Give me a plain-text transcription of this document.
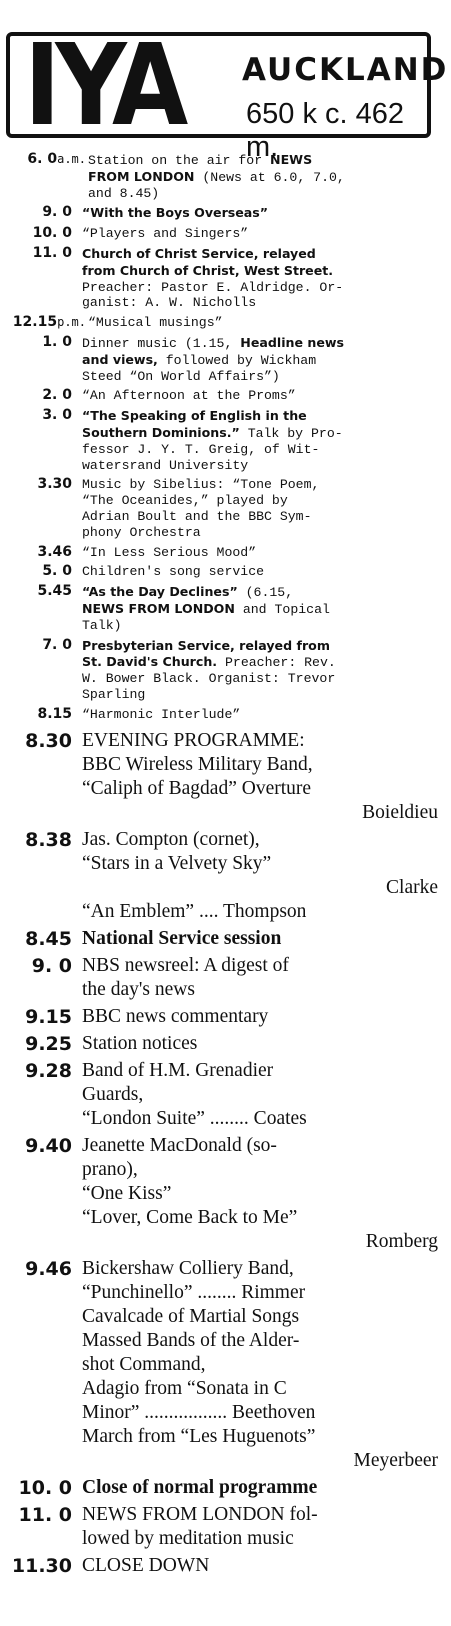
IYA AUCKLAND
650 k c. 462 m.
6. 0a.m. Station on the air for NEWS
FROM LONDON (News at 6.0, 7.0,
and 8.45)
9. 0 “With the Boys Overseas”
10. 0 “Players and Singers”
11. 0 Church of Christ Service, relayed
from Church of Christ, West Street.
Preacher: Pastor E. Aldridge. Or-
ganist: A. W. Nicholls
12.15p.m. “Musical musings”
1. 0 Dinner music (1.15, Headline news
and views, followed by Wickham
Steed “On World Affairs”)
2. 0 “An Afternoon at the Proms”
3. 0 “The Speaking of English in the
Southern Dominions.” Talk by Pro-
fessor J. Y. T. Greig, of Wit-
watersrand University
3.30 Music by Sibelius: “Tone Poem,
“The Oceanides,” played by
Adrian Boult and the BBC Sym-
phony Orchestra
3.46 “In Less Serious Mood”
5. 0 Children's song service
5.45 “As the Day Declines” (6.15,
NEWS FROM LONDON and Topical
Talk)
7. 0 Presbyterian Service, relayed from
St. David's Church. Preacher: Rev.
W. Bower Black. Organist: Trevor
Sparling
8.15 “Harmonic Interlude”
8.30 EVENING PROGRAMME:
BBC Wireless Military Band,
“Caliph of Bagdad” Overture
Boieldieu
8.38 Jas. Compton (cornet),
“Stars in a Velvety Sky”
Clarke
“An Emblem” .... Thompson
8.45 National Service session
9. 0 NBS newsreel: A digest of
the day's news
9.15 BBC news commentary
9.25 Station notices
9.28 Band of H.M. Grenadier
Guards,
“London Suite” ........ Coates
9.40 Jeanette MacDonald (so-
prano),
“One Kiss”
“Lover, Come Back to Me”
Romberg
9.46 Bickershaw Colliery Band,
“Punchinello” ........ Rimmer
Cavalcade of Martial Songs
Massed Bands of the Alder-
shot Command,
Adagio from “Sonata in C
Minor” ................. Beethoven
March from “Les Huguenots”
Meyerbeer
10. 0 Close of normal programme
11. 0 NEWS FROM LONDON fol-
lowed by meditation music
11.30 CLOSE DOWN
